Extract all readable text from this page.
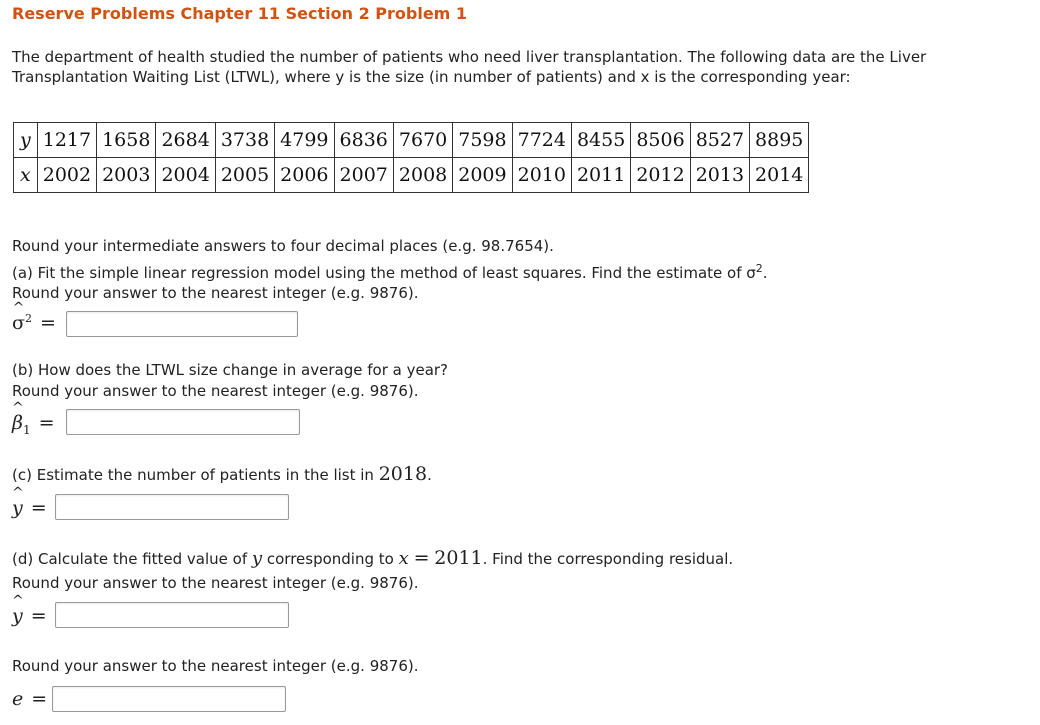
Reserve Problems Chapter 11 Section 2 Problem 1
The department of health studied the number of patients who need liver transplantation. The following data are the Liver
Transplantation Waiting List (LTWL), where y is the size (in number of patients) and x is the corresponding year:
y	1217	1658	2684	3738	4799	6836	7670	7598	7724	8455	8506	8527	8895
x	2002	2003	2004	2005	2006	2007	2008	2009	2010	2011	2012	2013	2014
Round your intermediate answers to four decimal places (e.g. 98.7654).
(a) Fit the simple linear regression model using the method of least squares. Find the estimate of $\sigma^2$.
Round your answer to the nearest integer (e.g. 9876).
^
$\sigma^2$ =
(b) How does the LTWL size change in average for a year?
Round your answer to the nearest integer (e.g. 9876).
^
$\beta_1$ =
(c) Estimate the number of patients in the list in 2018.
^
y =
(d) Calculate the fitted value of y corresponding to x = 2011. Find the corresponding residual.
Round your answer to the nearest integer (e.g. 9876).
^
y =
Round your answer to the nearest integer (e.g. 9876).
e =
